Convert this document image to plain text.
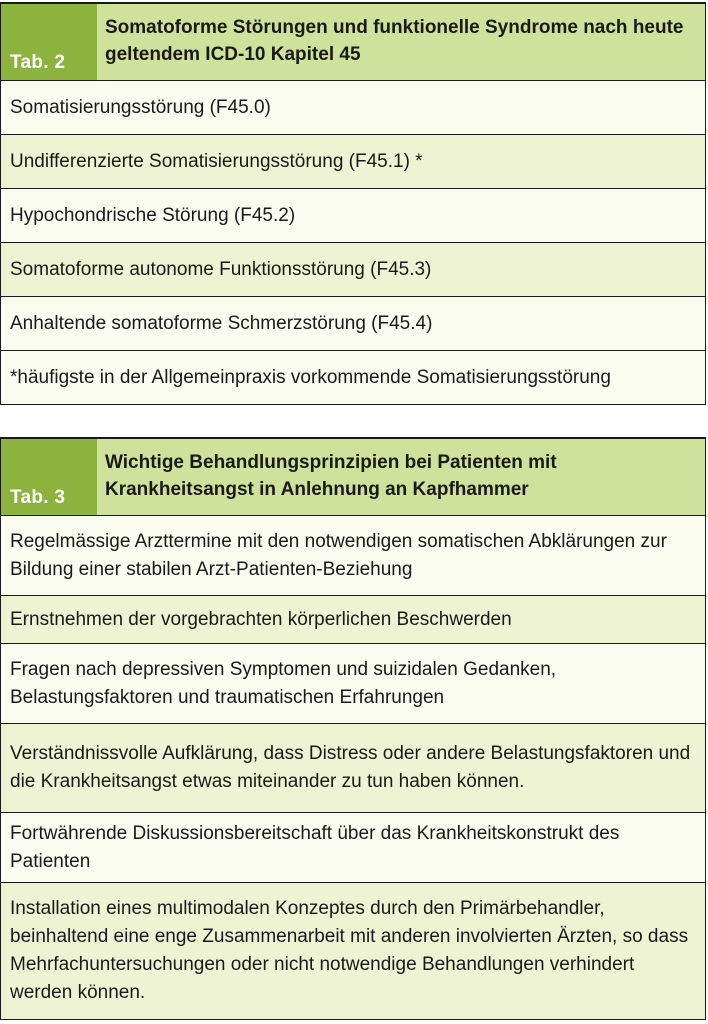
Tab. 2
Somatoforme Störungen und funktionelle Syndrome nach heute geltendem ICD-10 Kapitel 45
Somatisierungsstörung (F45.0)
Undifferenzierte Somatisierungsstörung (F45.1) *
Hypochondrische Störung (F45.2)
Somatoforme autonome Funktionsstörung (F45.3)
Anhaltende somatoforme Schmerzstörung (F45.4)
*häufigste in der Allgemeinpraxis vorkommende Somatisierungsstörung
Tab. 3
Wichtige Behandlungsprinzipien bei Patienten mit Krankheitsangst in Anlehnung an Kapfhammer
Regelmässige Arzttermine mit den notwendigen somatischen Abklärungen zur Bildung einer stabilen Arzt-Patienten-Beziehung
Ernstnehmen der vorgebrachten körperlichen Beschwerden
Fragen nach depressiven Symptomen und suizidalen Gedanken, Belastungsfaktoren und traumatischen Erfahrungen
Verständnissvolle Aufklärung, dass Distress oder andere Belastungsfaktoren und die Krankheitsangst etwas miteinander zu tun haben können.
Fortwährende Diskussionsbereitschaft über das Krankheitskonstrukt des Patienten
Installation eines multimodalen Konzeptes durch den Primärbehandler, beinhaltend eine enge Zusammenarbeit mit anderen involvierten Ärzten, so dass Mehrfachuntersuchungen oder nicht notwendige Behandlungen verhindert werden können.
